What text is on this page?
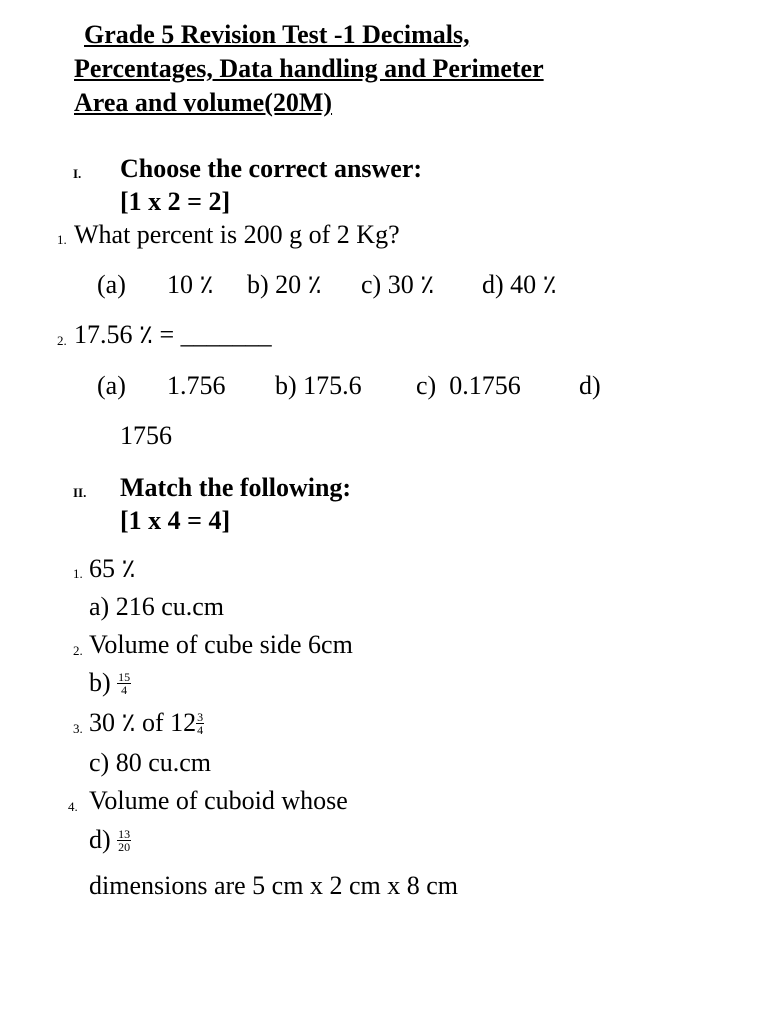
Grade 5 Revision Test -1 Decimals,
Percentages, Data handling and Perimeter
Area and volume(20M)
I. Choose the correct answer:
[1 x 2 = 2]
1. What percent is 200 g of 2 Kg?
(a) 10 ٪ b) 20 ٪ c) 30 ٪ d) 40 ٪
2. 17.56 ٪ = _______
(a) 1.756 b) 175.6 c)  0.1756 d)
1756
II. Match the following:
[1 x 4 = 4]
1. 65 ٪
a) 216 cu.cm
2. Volume of cube side 6cm
$b) \frac{15}{4}$
3. 30 ٪ of $12 \frac{3}{4}$
c) 80 cu.cm
4. Volume of cuboid whose
$d) \frac{13}{20}$
dimensions are 5 cm x 2 cm x 8 cm
